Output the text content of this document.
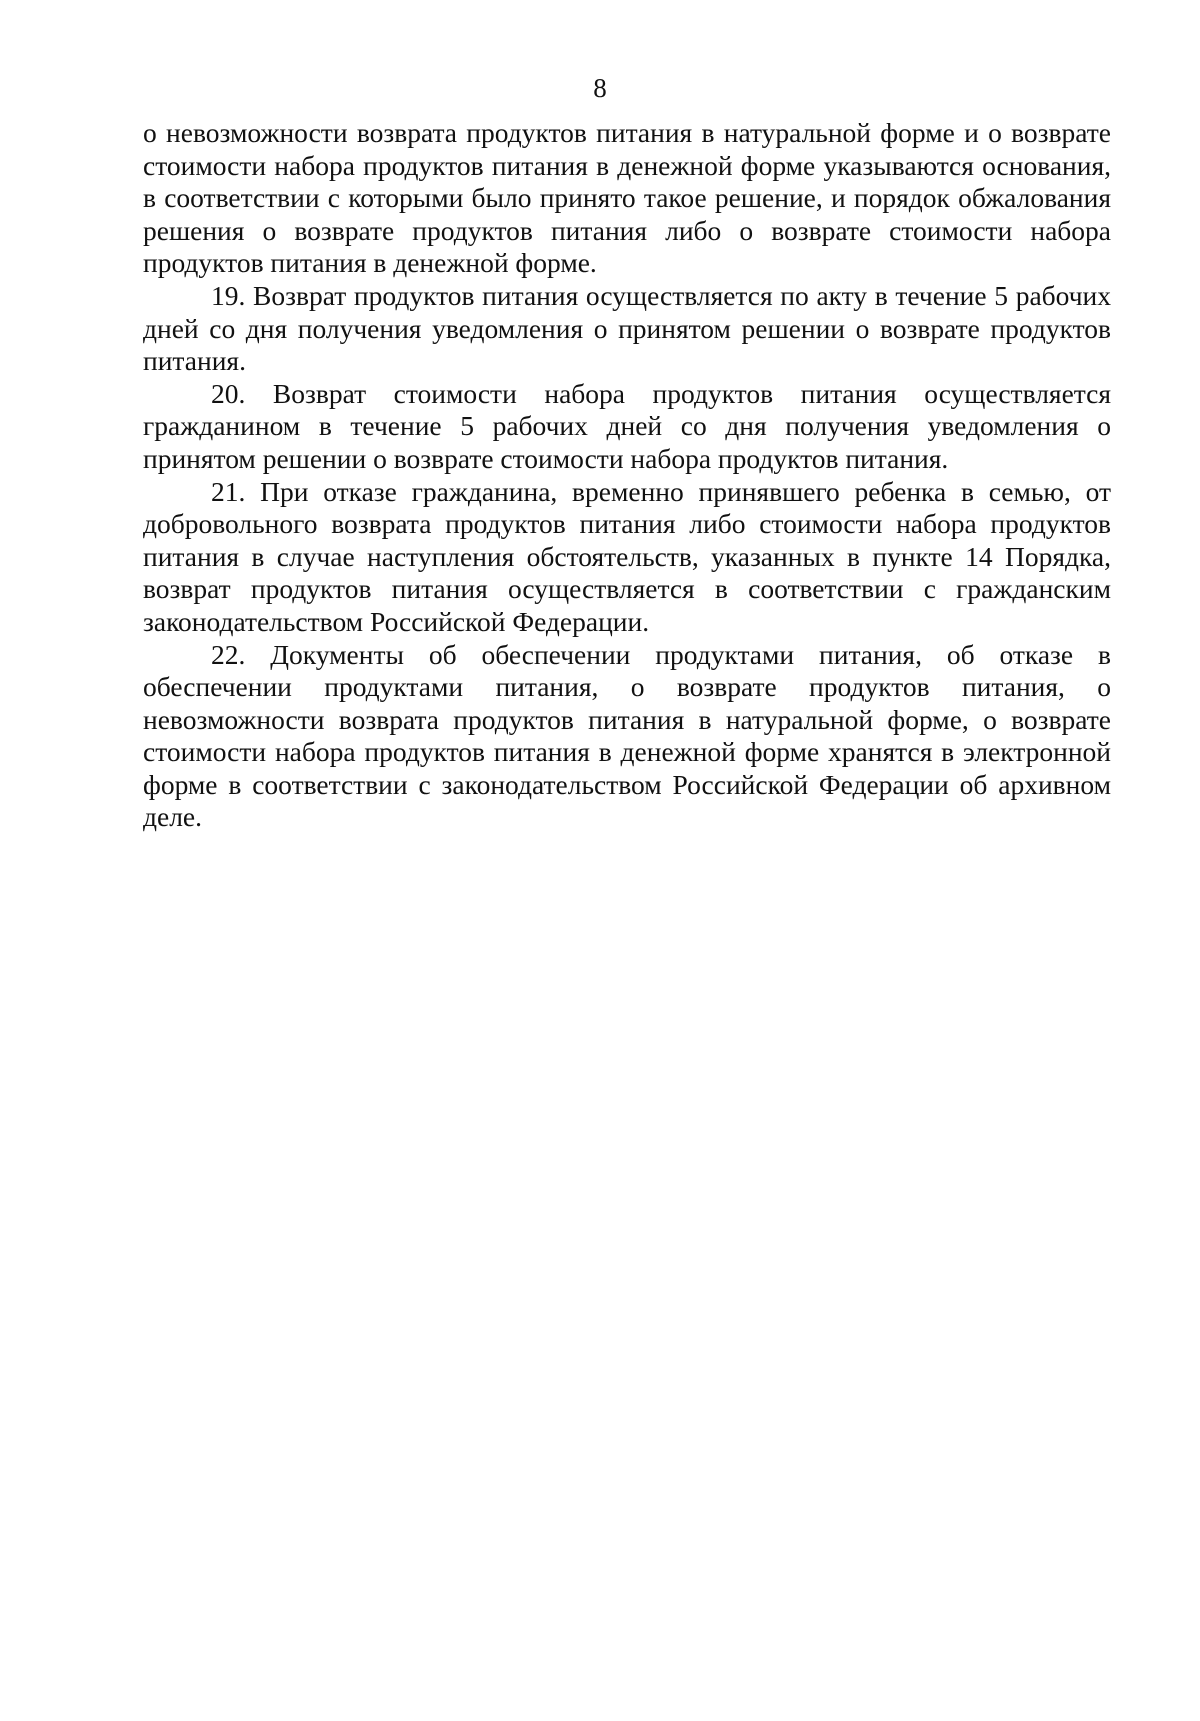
8

о невозможности возврата продуктов питания в натуральной форме и о возврате стоимости набора продуктов питания в денежной форме указываются основания, в соответствии с которыми было принято такое решение, и порядок обжалования решения о возврате продуктов питания либо о возврате стоимости набора продуктов питания в денежной форме.

19. Возврат продуктов питания осуществляется по акту в течение 5 рабочих дней со дня получения уведомления о принятом решении о возврате продуктов питания.

20. Возврат стоимости набора продуктов питания осуществляется гражданином в течение 5 рабочих дней со дня получения уведомления о принятом решении о возврате стоимости набора продуктов питания.

21. При отказе гражданина, временно принявшего ребенка в семью, от добровольного возврата продуктов питания либо стоимости набора продуктов питания в случае наступления обстоятельств, указанных в пункте 14 Порядка, возврат продуктов питания осуществляется в соответствии с гражданским законодательством Российской Федерации.

22. Документы об обеспечении продуктами питания, об отказе в обеспечении продуктами питания, о возврате продуктов питания, о невозможности возврата продуктов питания в натуральной форме, о возврате стоимости набора продуктов питания в денежной форме хранятся в электронной форме в соответствии с законодательством Российской Федерации об архивном деле.
